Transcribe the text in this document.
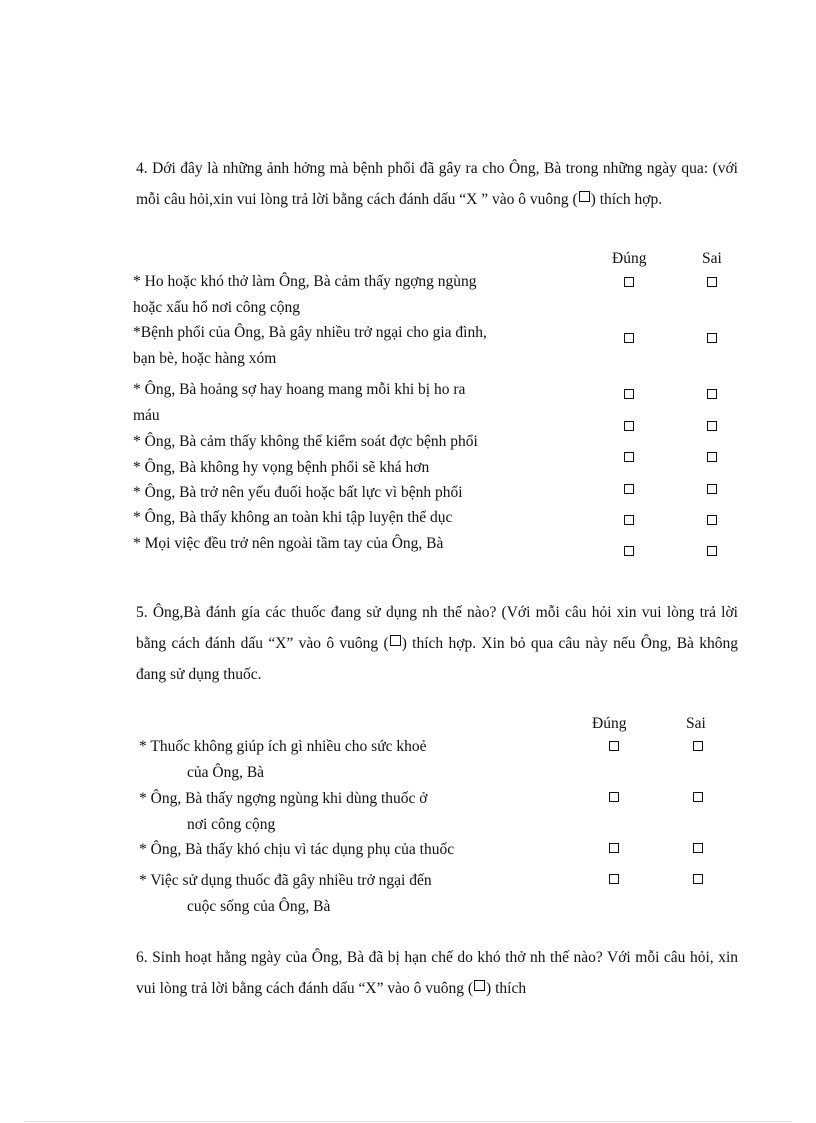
4. Dới đây là những ảnh hởng mà bệnh phổi đã gây ra cho Ông, Bà trong những ngày qua: (với mỗi câu hỏi,xin vui lòng trả lời bằng cách đánh dấu “X ” vào ô vuông ( ) thích hợp.
Đúng	Sai
* Ho hoặc khó thở làm Ông, Bà cảm thấy ngợng ngùng
hoặc xấu hổ nơi công cộng
*Bệnh phổi của Ông, Bà gây nhiều trở ngại cho gia đình,
bạn bè, hoặc hàng xóm
* Ông, Bà hoảng sợ hay hoang mang mỗi khi bị ho ra
máu
* Ông, Bà cảm thấy không thể kiểm soát đợc bệnh phổi
* Ông, Bà không hy vọng bệnh phổi sẽ khá hơn
* Ông, Bà trở nên yếu đuối hoặc bất lực vì bệnh phổi
* Ông, Bà thấy không an toàn khi tập luyện thể dục
* Mọi việc đều trở nên ngoài tầm tay của Ông, Bà
5. Ông,Bà đánh gía các thuốc đang sử dụng nh thế nào? (Với mỗi câu hỏi xin vui lòng trả lời bằng cách đánh dấu “X” vào ô vuông ( ) thích hợp. Xin bỏ qua câu này nếu Ông, Bà không đang sử dụng thuốc.
Đúng	Sai
* Thuốc không giúp ích gì nhiều cho sức khoẻ
của Ông, Bà
* Ông, Bà thấy ngợng ngùng khi dùng thuốc ở
nơi công cộng
* Ông, Bà thấy khó chịu vì tác dụng phụ của thuốc
* Việc sử dụng thuốc đã gây nhiều trở ngại đến
cuộc sống của Ông, Bà
6. Sinh hoạt hằng ngày của Ông, Bà đã bị hạn chế do khó thở nh thế nào? Với mỗi câu hỏi, xin vui lòng trả lời bằng cách đánh dấu “X” vào ô vuông ( ) thích
